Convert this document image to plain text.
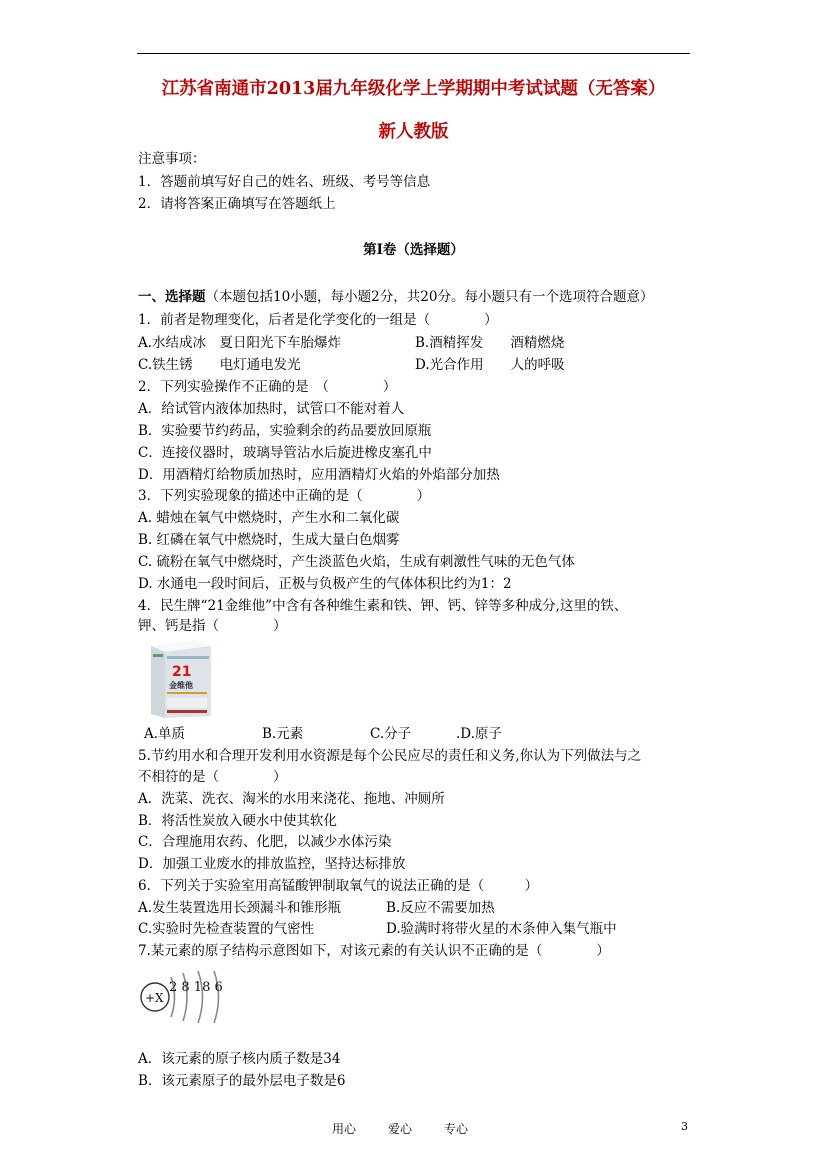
江苏省南通市2013届九年级化学上学期期中考试试题（无答案）
新人教版
注意事项：
1．答题前填写好自己的姓名、班级、考号等信息
2．请将答案正确填写在答题纸上
第I卷（选择题）
一、选择题（本题包括10小题，每小题2分，共20分。每小题只有一个选项符合题意）
1．前者是物理变化，后者是化学变化的一组是（　　　　）
A.水结成冰　夏日阳光下车胎爆炸	B.酒精挥发　　酒精燃烧
C.铁生锈　　电灯通电发光	D.光合作用　　人的呼吸
2．下列实验操作不正确的是　（　　　　）
A．给试管内液体加热时，试管口不能对着人
B．实验要节约药品，实验剩余的药品要放回原瓶
C．连接仪器时，玻璃导管沾水后旋进橡皮塞孔中
D．用酒精灯给物质加热时，应用酒精灯火焰的外焰部分加热
3．下列实验现象的描述中正确的是（　　　　）
A. 蜡烛在氧气中燃烧时，产生水和二氧化碳
B. 红磷在氧气中燃烧时，生成大量白色烟雾
C. 硫粉在氧气中燃烧时，产生淡蓝色火焰，生成有刺激性气味的无色气体
D. 水通电一段时间后，正极与负极产生的气体体积比约为1：2
4．民生牌“21金维他”中含有各种维生素和铁、钾、钙、锌等多种成分,这里的铁、
钾、钙是指（　　　　）
21
金维他
A.单质	B.元素	C.分子	.D.原子
5.节约用水和合理开发利用水资源是每个公民应尽的责任和义务,你认为下列做法与之
不相符的是（　　　　）
A．洗菜、洗衣、淘米的水用来浇花、拖地、冲厕所
B．将活性炭放入硬水中使其软化
C．合理施用农药、化肥，以减少水体污染
D．加强工业废水的排放监控，坚持达标排放
6．下列关于实验室用高锰酸钾制取氧气的说法正确的是（　　　）
A.发生装置选用长颈漏斗和锥形瓶	B.反应不需要加热
C.实验时先检查装置的气密性	D.验满时将带火星的木条伸入集气瓶中
7.某元素的原子结构示意图如下，对该元素的有关认识不正确的是（　　　　）
+X
2 8 18 6
A．该元素的原子核内质子数是34
B．该元素原子的最外层电子数是6
用心	爱心	专心	3
